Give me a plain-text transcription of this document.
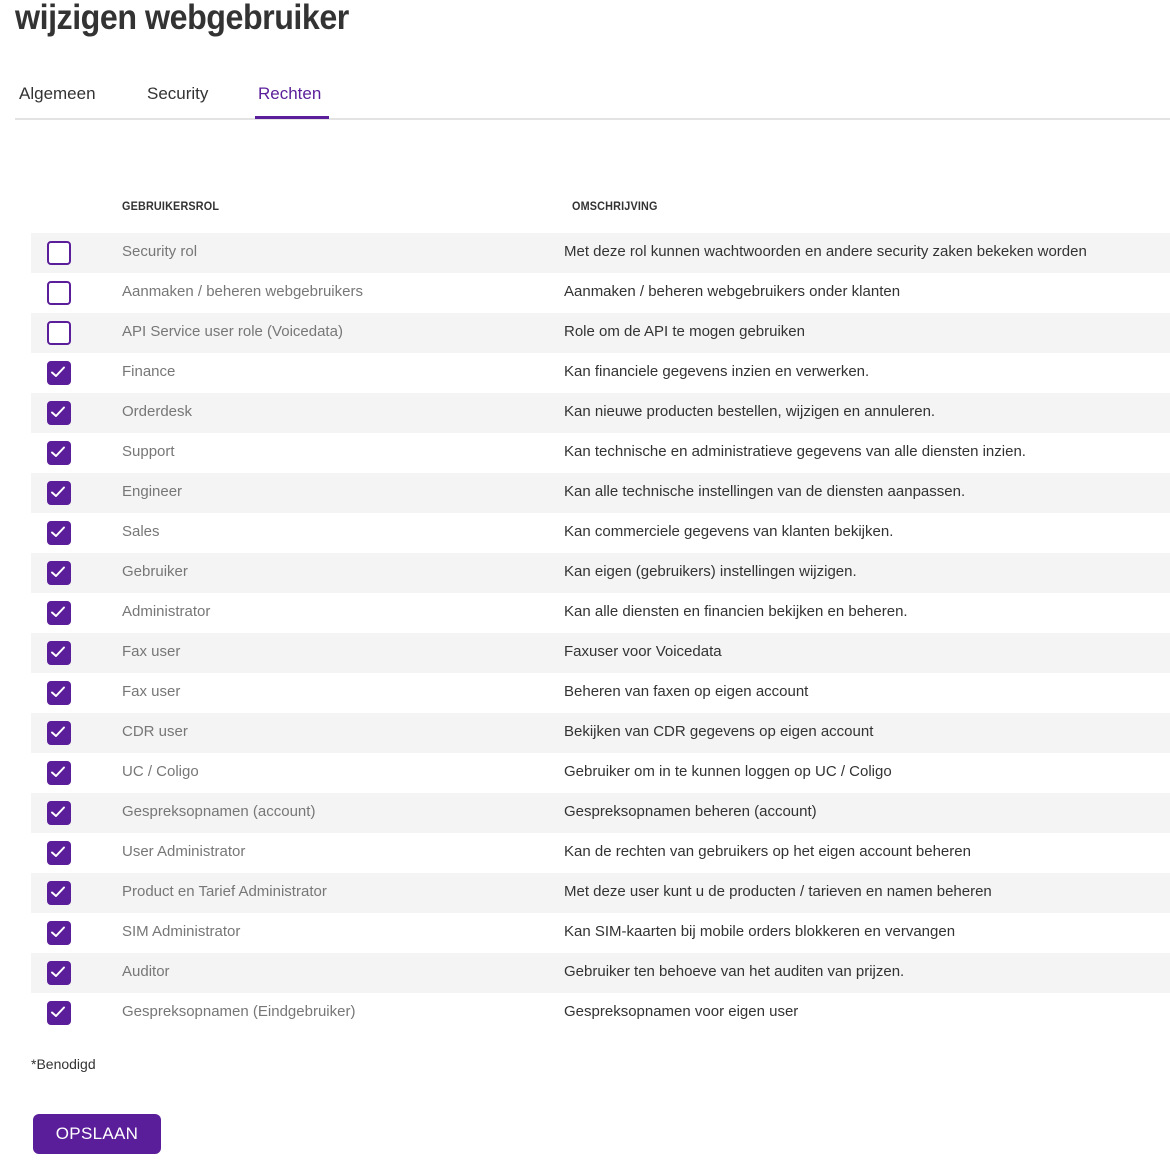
wijzigen webgebruiker
Algemeen	Security	Rechten
GEBRUIKERSROL	OMSCHRIJVING
Security rol	Met deze rol kunnen wachtwoorden en andere security zaken bekeken worden
Aanmaken / beheren webgebruikers	Aanmaken / beheren webgebruikers onder klanten
API Service user role (Voicedata)	Role om de API te mogen gebruiken
Finance	Kan financiele gegevens inzien en verwerken.
Orderdesk	Kan nieuwe producten bestellen, wijzigen en annuleren.
Support	Kan technische en administratieve gegevens van alle diensten inzien.
Engineer	Kan alle technische instellingen van de diensten aanpassen.
Sales	Kan commerciele gegevens van klanten bekijken.
Gebruiker	Kan eigen (gebruikers) instellingen wijzigen.
Administrator	Kan alle diensten en financien bekijken en beheren.
Fax user	Faxuser voor Voicedata
Fax user	Beheren van faxen op eigen account
CDR user	Bekijken van CDR gegevens op eigen account
UC / Coligo	Gebruiker om in te kunnen loggen op UC / Coligo
Gespreksopnamen (account)	Gespreksopnamen beheren (account)
User Administrator	Kan de rechten van gebruikers op het eigen account beheren
Product en Tarief Administrator	Met deze user kunt u de producten / tarieven en namen beheren
SIM Administrator	Kan SIM-kaarten bij mobile orders blokkeren en vervangen
Auditor	Gebruiker ten behoeve van het auditen van prijzen.
Gespreksopnamen (Eindgebruiker)	Gespreksopnamen voor eigen user
*Benodigd
OPSLAAN
